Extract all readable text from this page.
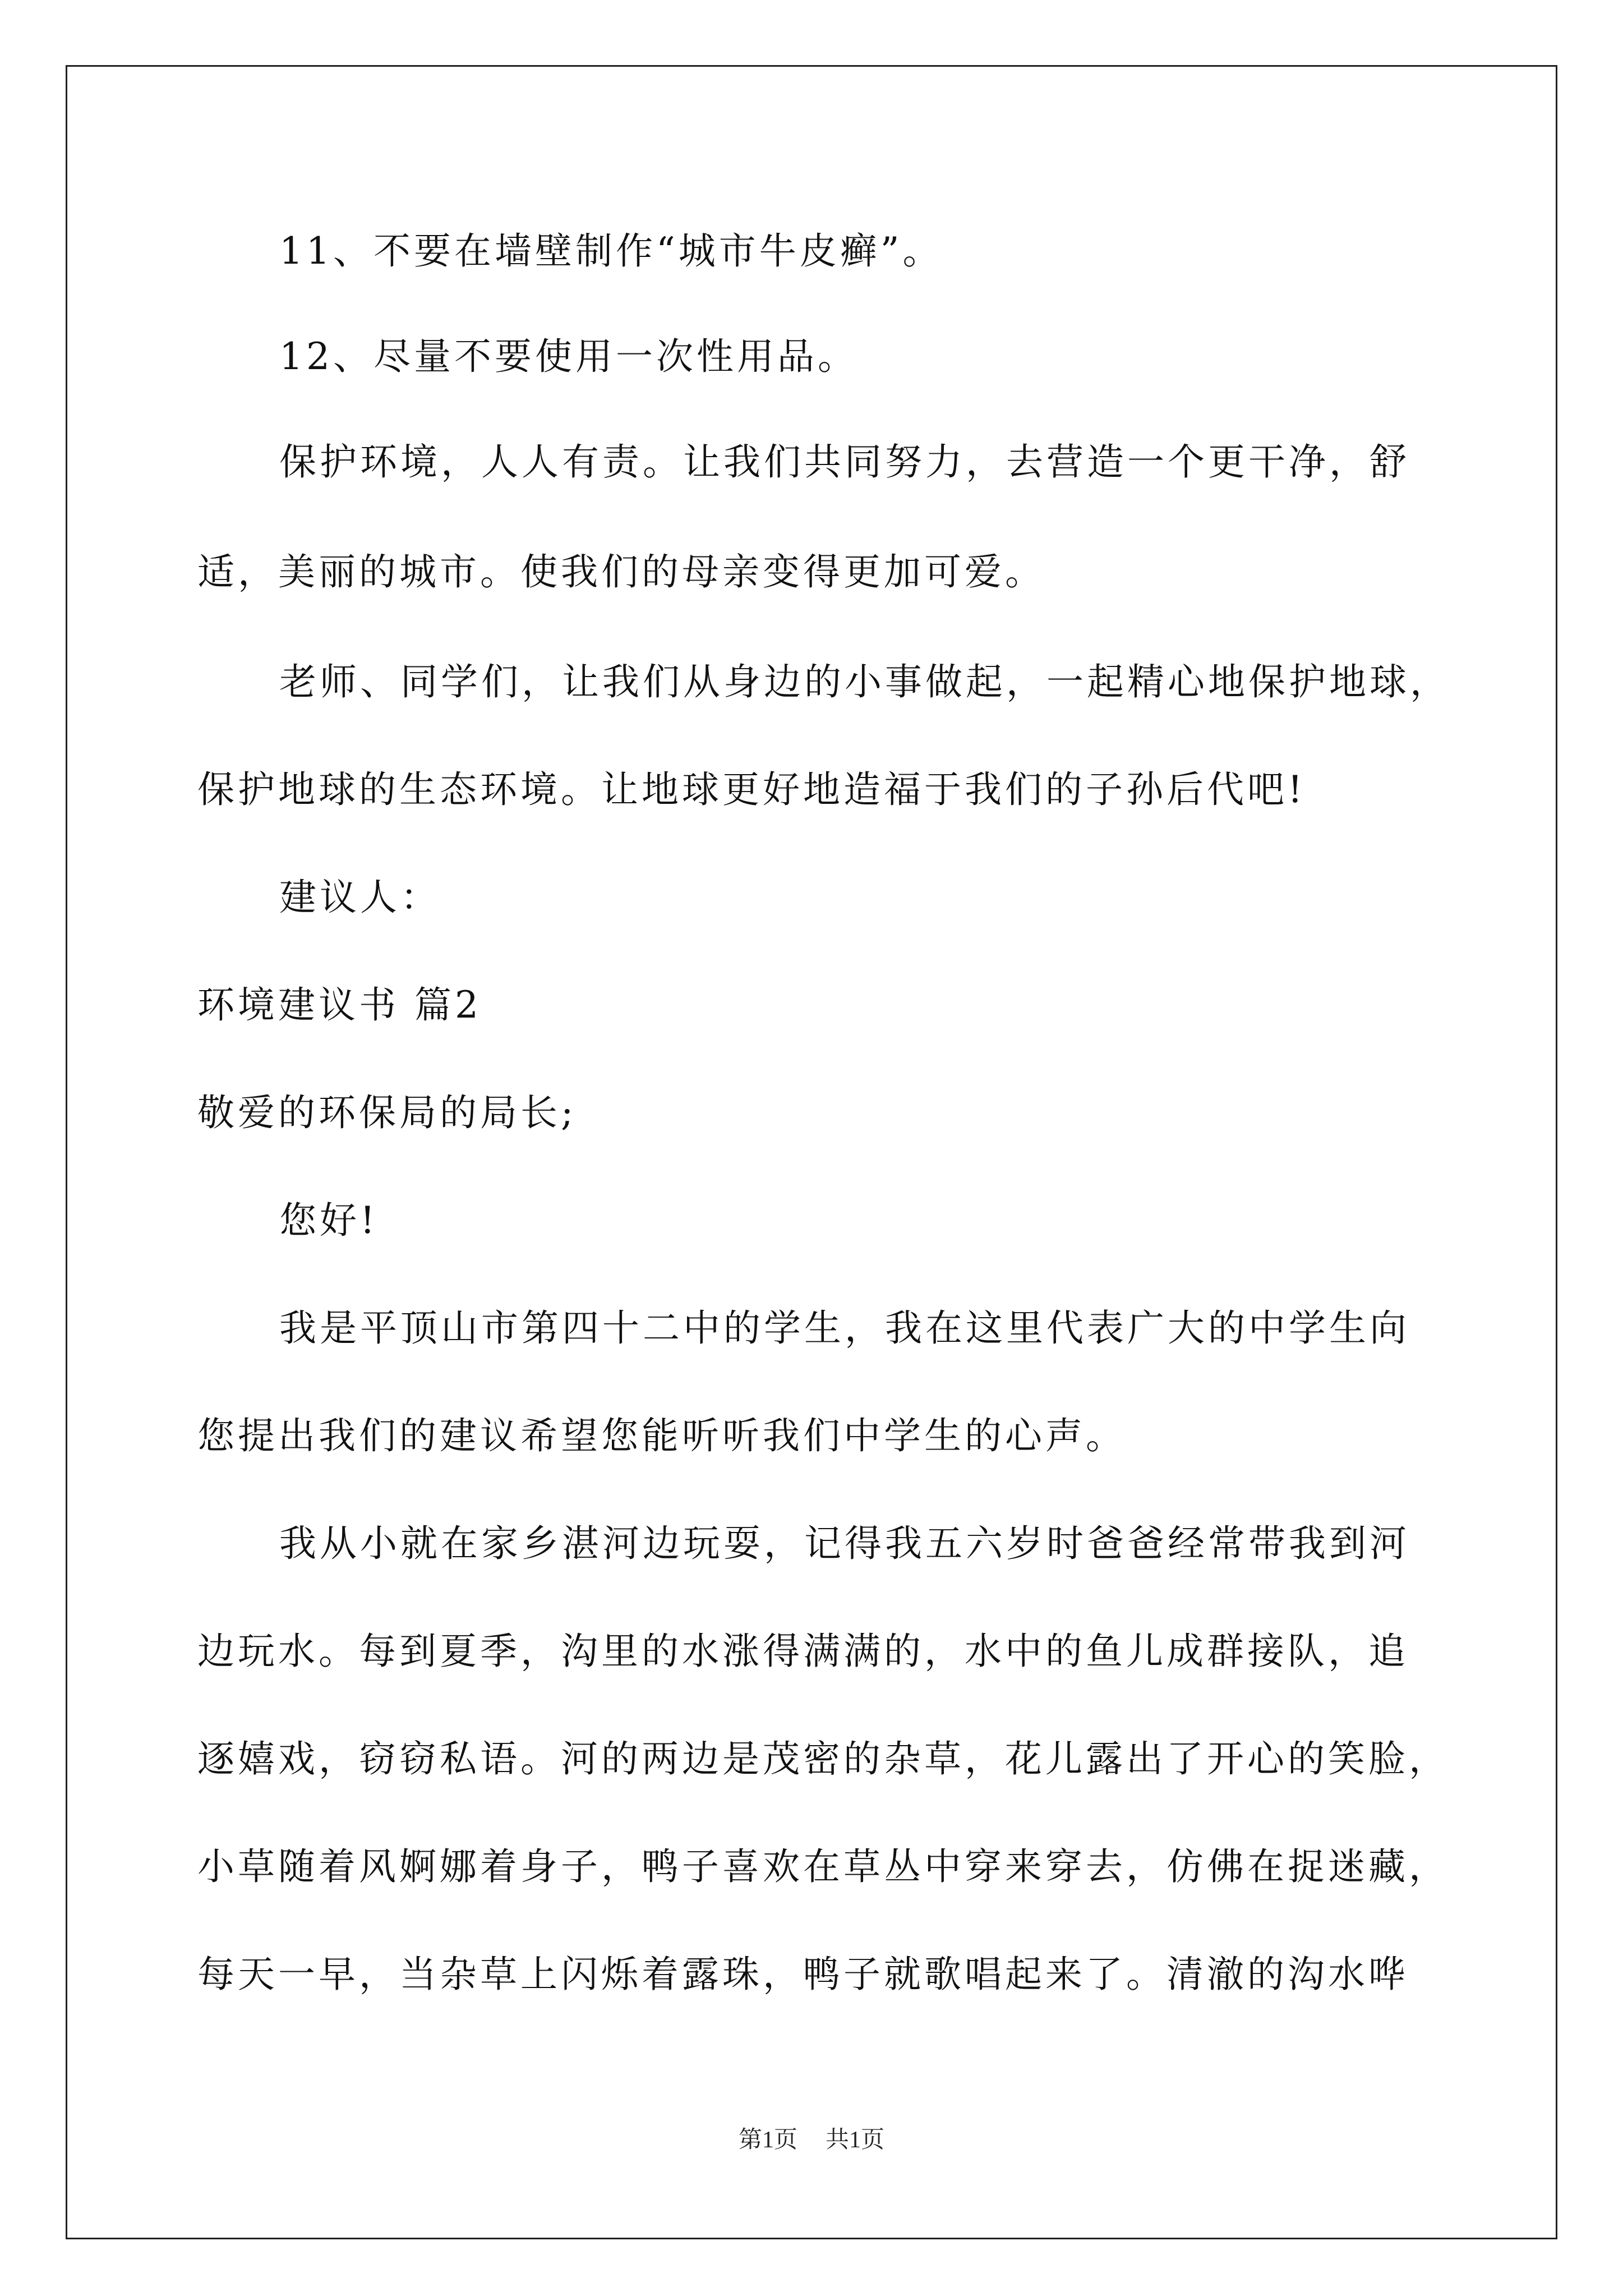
11、不要在墙壁制作“城市牛皮癣”。
12、尽量不要使用一次性用品。
保护环境，人人有责。让我们共同努力，去营造一个更干净，舒
适，美丽的城市。使我们的母亲变得更加可爱。
老师、同学们，让我们从身边的小事做起，一起精心地保护地球，
保护地球的生态环境。让地球更好地造福于我们的子孙后代吧!
建议人：
环境建议书 篇2
敬爱的环保局的局长;
您好!
我是平顶山市第四十二中的学生，我在这里代表广大的中学生向
您提出我们的建议希望您能听听我们中学生的心声。
我从小就在家乡湛河边玩耍，记得我五六岁时爸爸经常带我到河
边玩水。每到夏季，沟里的水涨得满满的，水中的鱼儿成群接队，追
逐嬉戏，窃窃私语。河的两边是茂密的杂草，花儿露出了开心的笑脸，
小草随着风婀娜着身子，鸭子喜欢在草丛中穿来穿去，仿佛在捉迷藏，
每天一早，当杂草上闪烁着露珠，鸭子就歌唱起来了。清澈的沟水哗
第1页 共1页
